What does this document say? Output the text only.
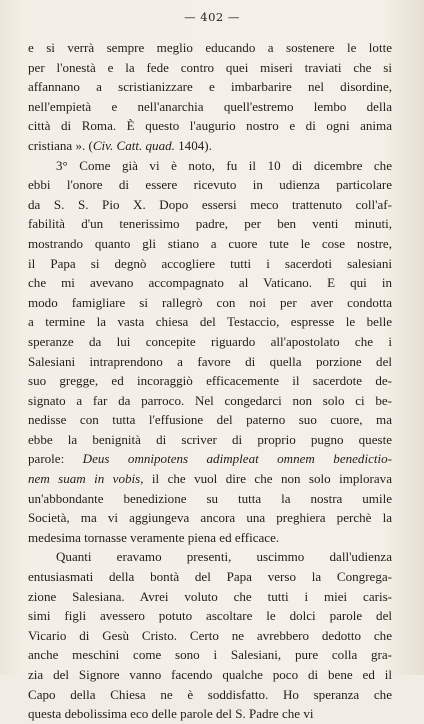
— 402 —
e si verrà sempre meglio educando a sostenere le lotte
per l'onestà e la fede contro quei miseri traviati che si
affannano a scristianizzare e imbarbarire nel disordine,
nell'empietà e nell'anarchia quell'estremo lembo della
città di Roma. È questo l'augurio nostro e di ogni anima
cristiana ». (Civ. Catt. quad. 1404).
3° Come già vi è noto, fu il 10 di dicembre che
ebbi l'onore di essere ricevuto in udienza particolare
da S. S. Pio X. Dopo essersi meco trattenuto coll'af-
fabilità d'un tenerissimo padre, per ben venti minuti,
mostrando quanto gli stiano a cuore tute le cose nostre,
il Papa si degnò accogliere tutti i sacerdoti salesiani
che mi avevano accompagnato al Vaticano. E qui in
modo famigliare si rallegrò con noi per aver condotta
a termine la vasta chiesa del Testaccio, espresse le belle
speranze da lui concepite riguardo all'apostolato che i
Salesiani intraprendono a favore di quella porzione del
suo gregge, ed incoraggiò efficacemente il sacerdote de-
signato a far da parroco. Nel congedarci non solo ci be-
nedisse con tutta l'effusione del paterno suo cuore, ma
ebbe la benignità di scriver di proprio pugno queste
parole: Deus omnipotens adimpleat omnem benedictio-
nem suam in vobis, il che vuol dire che non solo implorava
un'abbondante benedizione su tutta la nostra umile
Società, ma vi aggiungeva ancora una preghiera perchè la
medesima tornasse veramente piena ed efficace.
Quanti eravamo presenti, uscimmo dall'udienza
entusiasmati della bontà del Papa verso la Congrega-
zione Salesiana. Avrei voluto che tutti i miei caris-
simi figli avessero potuto ascoltare le dolci parole del
Vicario di Gesù Cristo. Certo ne avrebbero dedotto che
anche meschini come sono i Salesiani, pure colla gra-
zia del Signore vanno facendo qualche poco di bene ed il
Capo della Chiesa ne è soddisfatto. Ho speranza che
questa debolissima eco delle parole del S. Padre che vi
